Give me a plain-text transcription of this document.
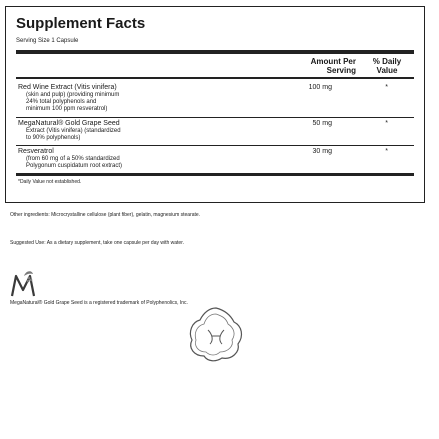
Supplement Facts
Serving Size 1 Capsule
Amount Per
Serving
% Daily
Value
Red Wine Extract (Vitis vinifera)	100 mg	*
(skin and pulp) (providing minimum
24% total polyphenols and
minimum 100 ppm resveratrol)
MegaNatural® Gold Grape Seed	50 mg	*
Extract (Vitis vinifera) (standardized
to 90% polyphenols)
Resveratrol	30 mg	*
(from 60 mg of a 50% standardized
Polygonum cuspidatum root extract)
*Daily Value not established.
Other ingredients: Microcrystalline cellulose (plant fiber), gelatin, magnesium stearate.
Suggested Use: As a dietary supplement, take one capsule per day with water.
MegaNatural® Gold Grape Seed is a registered trademark of Polyphenolics, Inc.
